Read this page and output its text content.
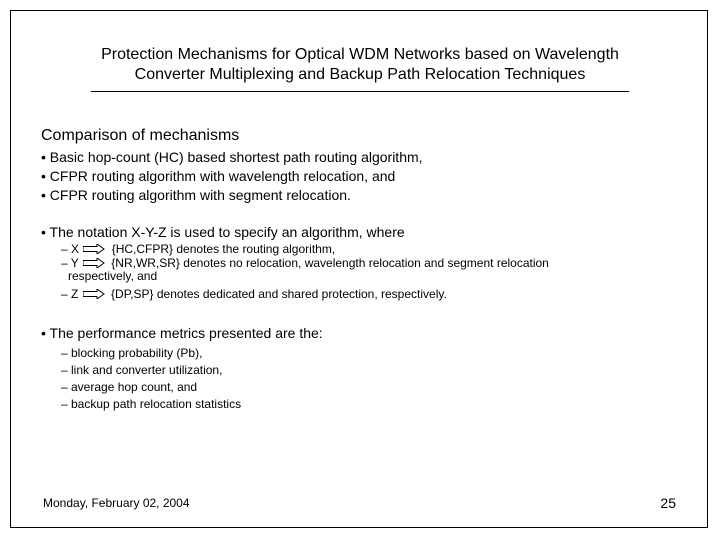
Protection Mechanisms for Optical WDM Networks based on Wavelength
Converter Multiplexing and Backup Path Relocation Techniques
Comparison of mechanisms
• Basic hop-count (HC) based shortest path routing algorithm,
• CFPR routing algorithm with wavelength relocation, and
• CFPR routing algorithm with segment relocation.
• The notation X-Y-Z is used to specify an algorithm, where
– X	{HC,CFPR} denotes the routing algorithm,
– Y	{NR,WR,SR} denotes no relocation, wavelength relocation and segment relocation
respectively, and
– Z	{DP,SP} denotes dedicated and shared protection, respectively.
• The performance metrics presented are the:
– blocking probability (Pb),
– link and converter utilization,
– average hop count, and
– backup path relocation statistics
Monday, February 02, 2004	25
